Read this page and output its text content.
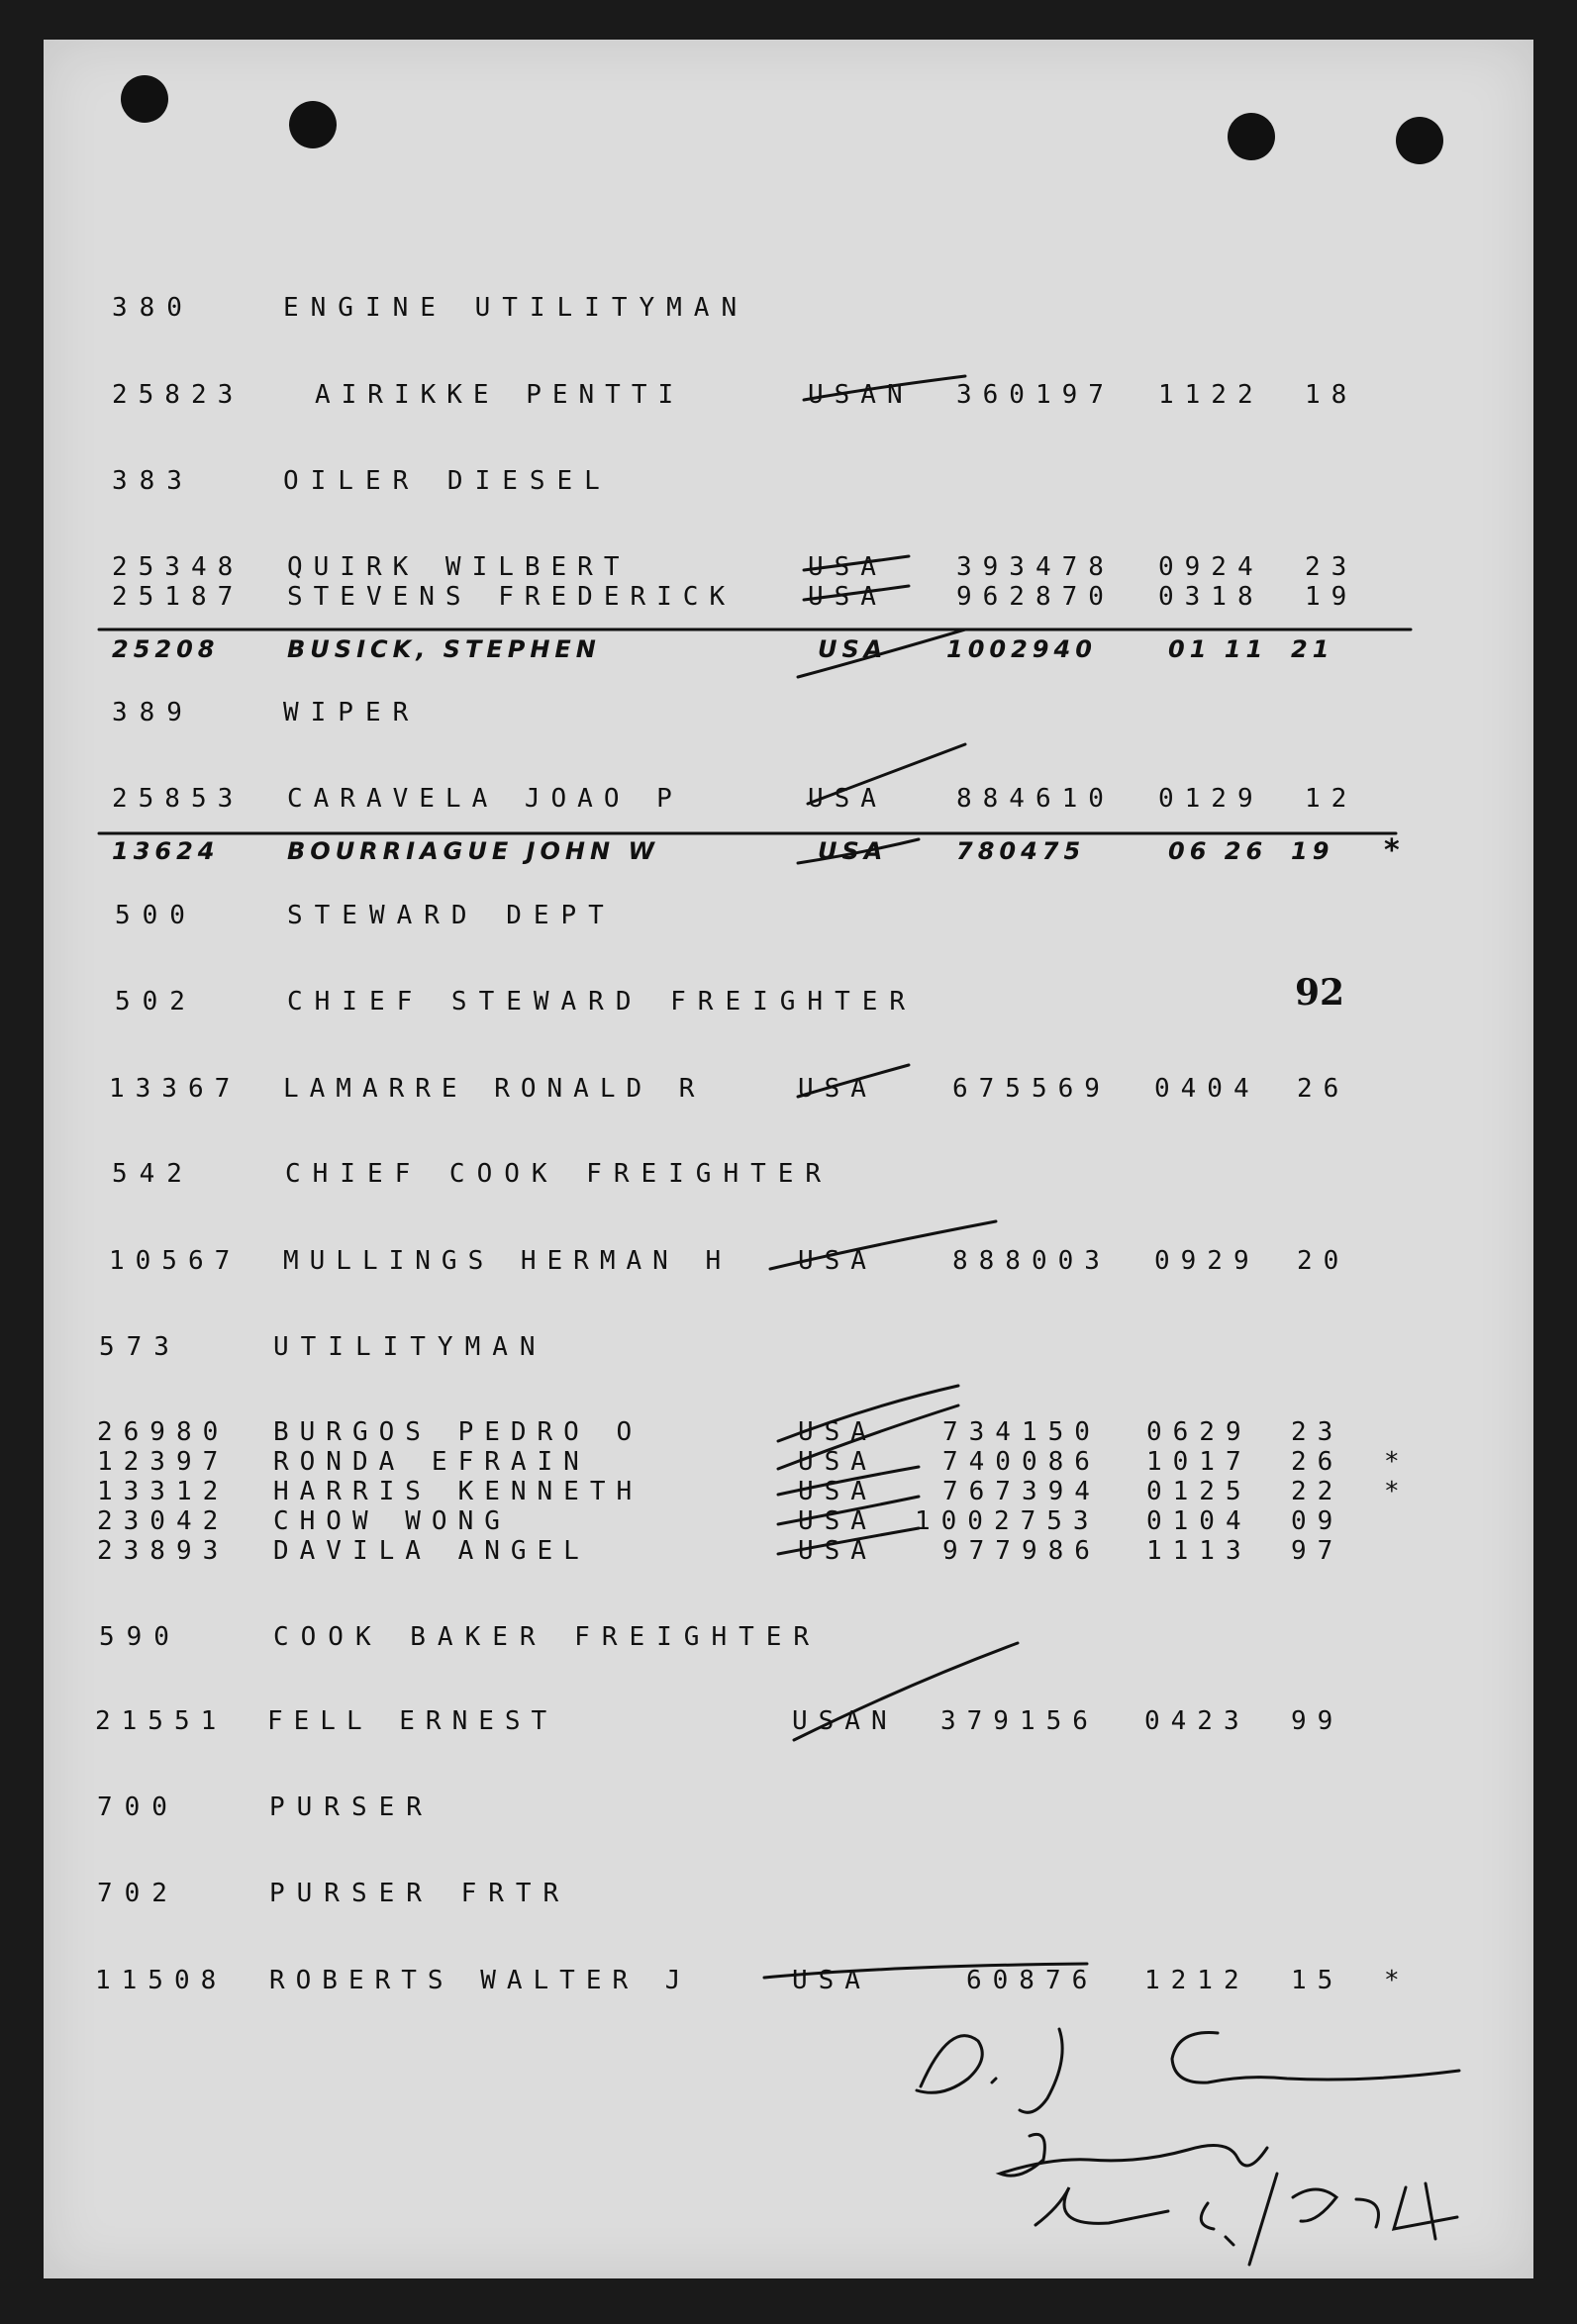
380	ENGINE UTILITYMAN
25823	AIRIKKE PENTTI	USAN 360197 1122 18
383	OILER DIESEL
25348 QUIRK WILBERT	USA	393478 0924 23
25187 STEVENS FREDERICK	USA	962870 0318 19
25208	BUSICK, STEPHEN	USA 1002940	01 11 21
389	WIPER
25853 CARAVELA JOAO P	USA	884610 0129 12
13624	BOURRIAGUE JOHN W	USA	780475	06 26 19 *
500	STEWARD DEPT
502	CHIEF STEWARD FREIGHTER	92
13367 LAMARRE RONALD R	USA	675569 0404 26
542	CHIEF COOK FREIGHTER
10567 MULLINGS HERMAN H	USA	888003 0929 20
573	UTILITYMAN
26980 BURGOS PEDRO O	USA	734150 0629 23
12397 RONDA EFRAIN	USA	740086 1017 26 *
13312 HARRIS KENNETH	USA	767394 0125 22 *
23042 CHOW WONG	USA 1002753 0104 09
23893 DAVILA ANGEL	USA	977986 1113 97
590	COOK BAKER FREIGHTER
21551 FELL ERNEST	USAN 379156 0423 99
700	PURSER
702	PURSER FRTR
11508 ROBERTS WALTER J	USA	60876 1212 15 *
